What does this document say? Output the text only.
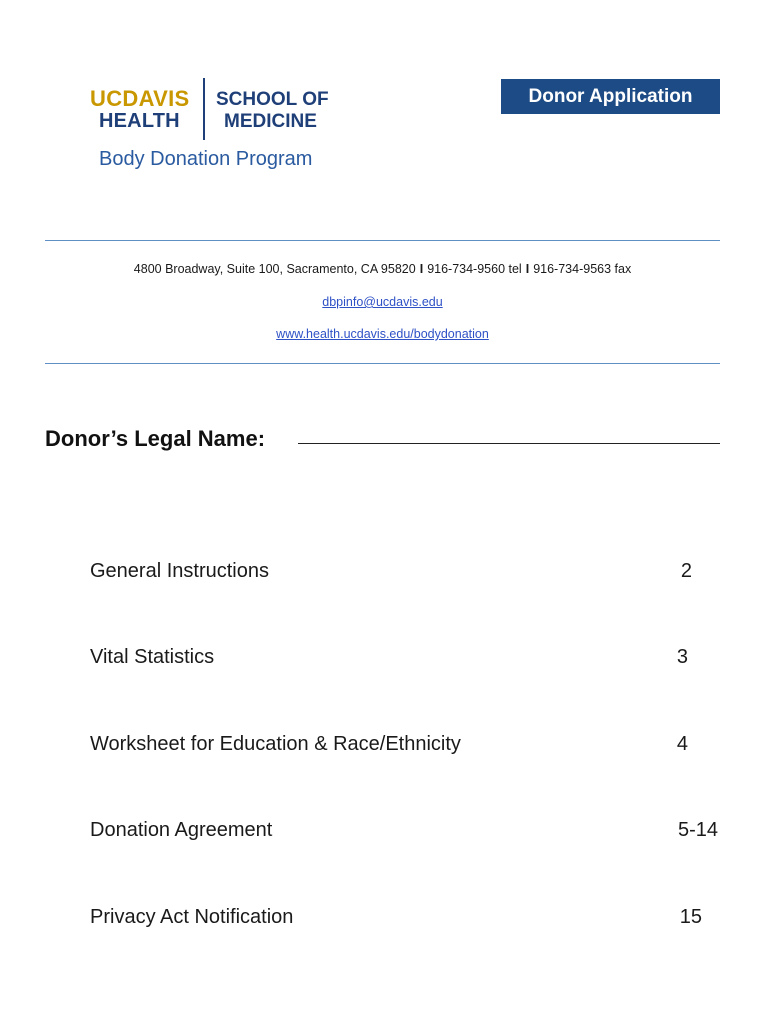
UCDAVIS
HEALTH
SCHOOL OF
MEDICINE
Body Donation Program
Donor Application
4800 Broadway, Suite 100, Sacramento, CA 95820 I 916-734-9560 tel I 916-734-9563 fax
dbpinfo@ucdavis.edu
www.health.ucdavis.edu/bodydonation
Donor’s Legal Name:
General Instructions	2
Vital Statistics	3
Worksheet for Education & Race/Ethnicity	4
Donation Agreement	5-14
Privacy Act Notification	15
